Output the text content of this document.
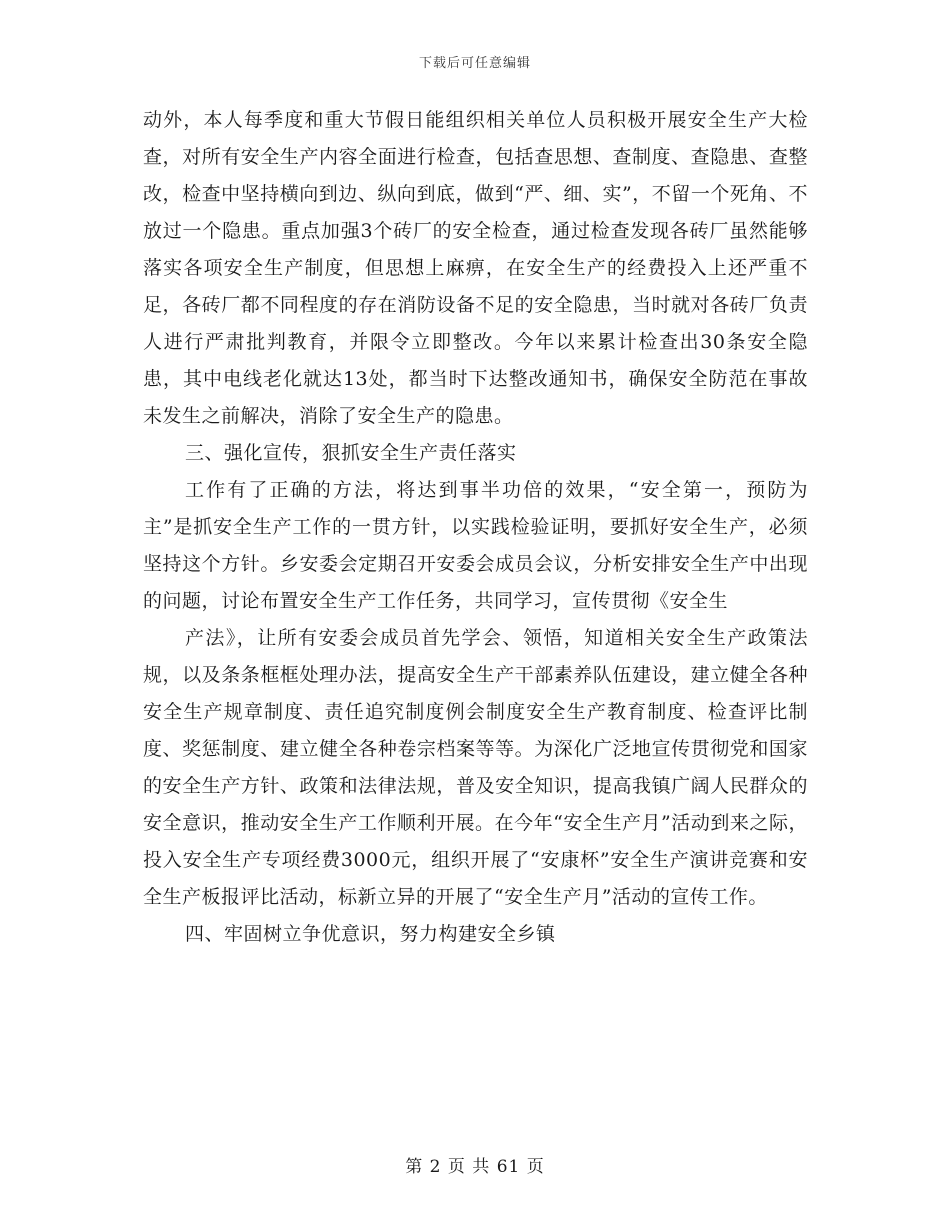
下载后可任意编辑

动外，本人每季度和重大节假日能组织相关单位人员积极开展安全生产大检查，对所有安全生产内容全面进行检查，包括查思想、查制度、查隐患、查整改，检查中坚持横向到边、纵向到底，做到“严、细、实”，不留一个死角、不放过一个隐患。重点加强3个砖厂的安全检查，通过检查发现各砖厂虽然能够落实各项安全生产制度，但思想上麻痹，在安全生产的经费投入上还严重不足，各砖厂都不同程度的存在消防设备不足的安全隐患，当时就对各砖厂负责人进行严肃批判教育，并限令立即整改。今年以来累计检查出30条安全隐患，其中电线老化就达13处，都当时下达整改通知书，确保安全防范在事故未发生之前解决，消除了安全生产的隐患。

三、强化宣传，狠抓安全生产责任落实

工作有了正确的方法，将达到事半功倍的效果，“安全第一，预防为主”是抓安全生产工作的一贯方针，以实践检验证明，要抓好安全生产，必须坚持这个方针。乡安委会定期召开安委会成员会议，分析安排安全生产中出现的问题，讨论布置安全生产工作任务，共同学习，宣传贯彻《安全生

产法》，让所有安委会成员首先学会、领悟，知道相关安全生产政策法规，以及条条框框处理办法，提高安全生产干部素养队伍建设，建立健全各种安全生产规章制度、责任追究制度例会制度安全生产教育制度、检查评比制度、奖惩制度、建立健全各种卷宗档案等等。为深化广泛地宣传贯彻党和国家的安全生产方针、政策和法律法规，普及安全知识，提高我镇广阔人民群众的安全意识，推动安全生产工作顺利开展。在今年“安全生产月”活动到来之际，投入安全生产专项经费3000元，组织开展了“安康杯”安全生产演讲竞赛和安全生产板报评比活动，标新立异的开展了“安全生产月”活动的宣传工作。

四、牢固树立争优意识，努力构建安全乡镇

第 2 页 共 61 页
